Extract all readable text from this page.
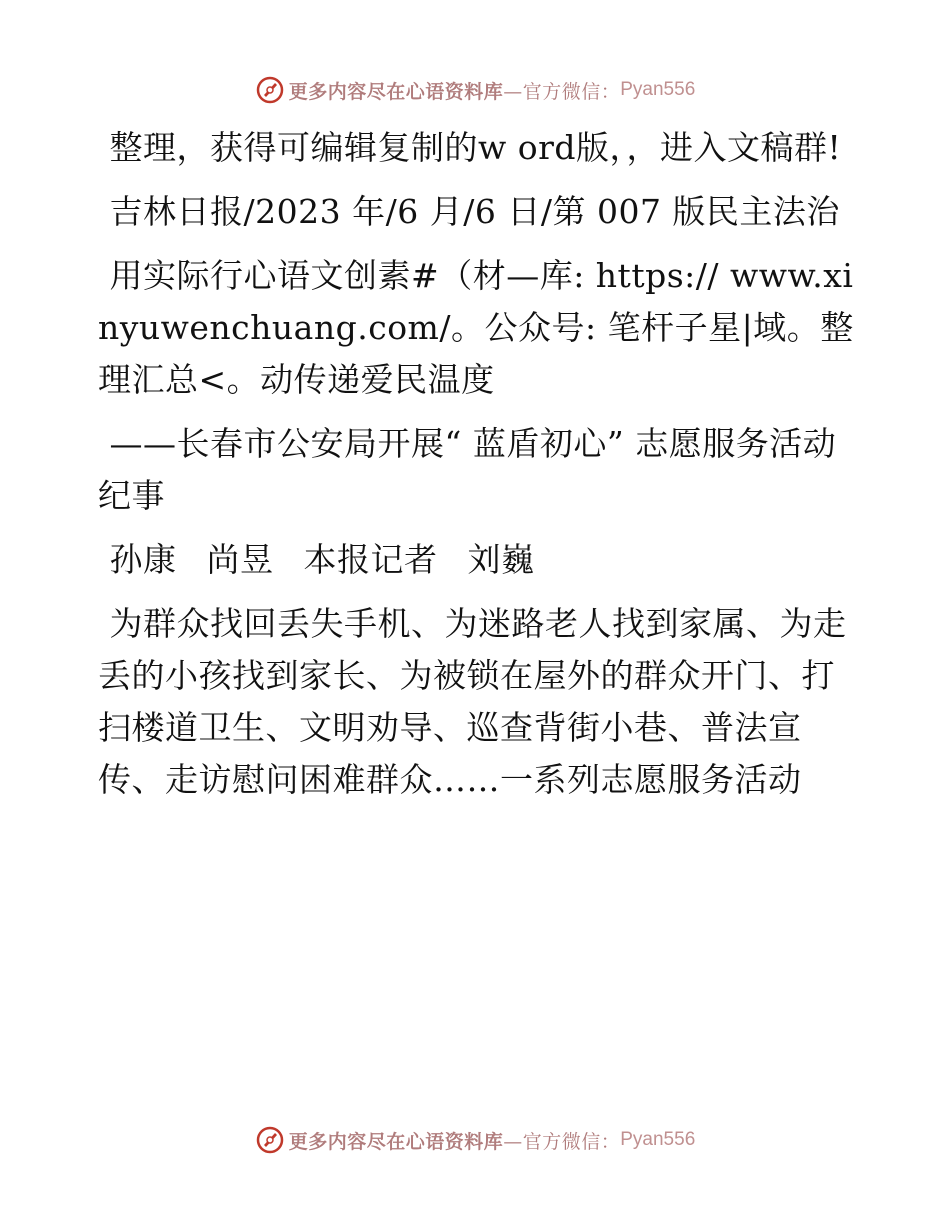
更多内容尽在心语资料库—官方微信： Pyan556

整理，获得可编辑复制的w ord版，，进入文稿群!

吉林日报/2023 年/6 月/6 日/第 007 版民主法治

用实际行心语文创素#（材—库: https:// www.xinyuwenchuang.com/。公众号: 笔杆子星|域。整理汇总<。动传递爱民温度

——长春市公安局开展“ 蓝盾初心” 志愿服务活动纪事

孙康 尚昱 本报记者 刘巍

为群众找回丢失手机、为迷路老人找到家属、为走丢的小孩找到家长、为被锁在屋外的群众开门、打扫楼道卫生、文明劝导、巡查背街小巷、普法宣传、走访慰问困难群众……一系列志愿服务活动

更多内容尽在心语资料库—官方微信： Pyan556
